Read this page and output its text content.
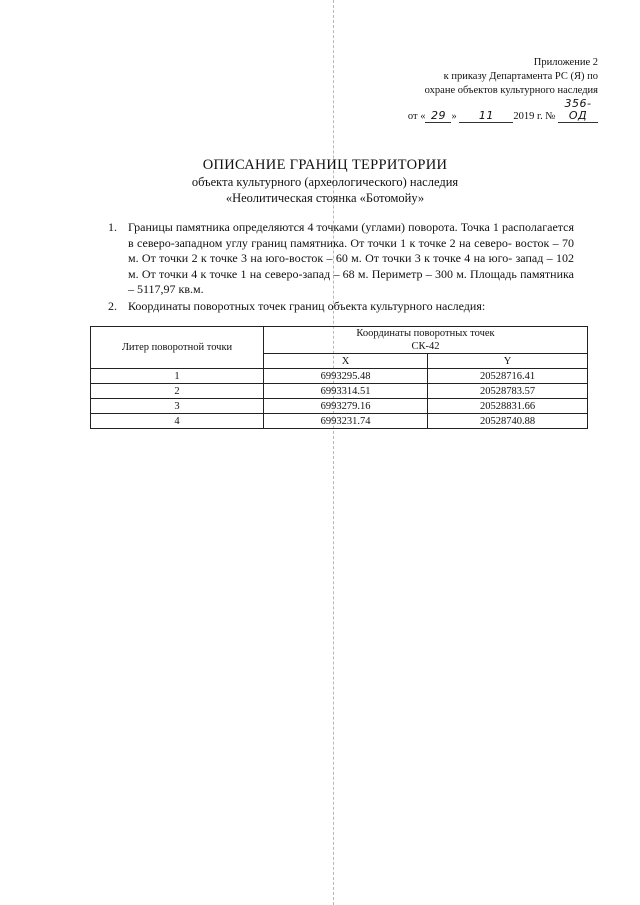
Приложение 2
к приказу Департамента РС (Я) по
охране объектов культурного наследия
от « 29 » 11 2019 г. № 356-ОД
ОПИСАНИЕ ГРАНИЦ ТЕРРИТОРИИ
объекта культурного (археологического) наследия
«Неолитическая стоянка «Ботомойу»
1. Границы памятника определяются 4 точками (углами) поворота. Точка 1 располагается в северо-западном углу границ памятника. От точки 1 к точке 2 на северо- восток – 70 м. От точки 2 к точке 3 на юго-восток – 60 м. От точки 3 к точке 4 на юго- запад – 102 м. От точки 4 к точке 1 на северо-запад – 68 м. Периметр – 300 м. Площадь памятника – 5117,97 кв.м.
2. Координаты поворотных точек границ объекта культурного наследия:
Литер поворотной точки	Координаты поворотных точек
СК-42	

	X	Y
1	6993295.48	20528716.41
2	6993314.51	20528783.57
3	6993279.16	20528831.66
4	6993231.74	20528740.88
